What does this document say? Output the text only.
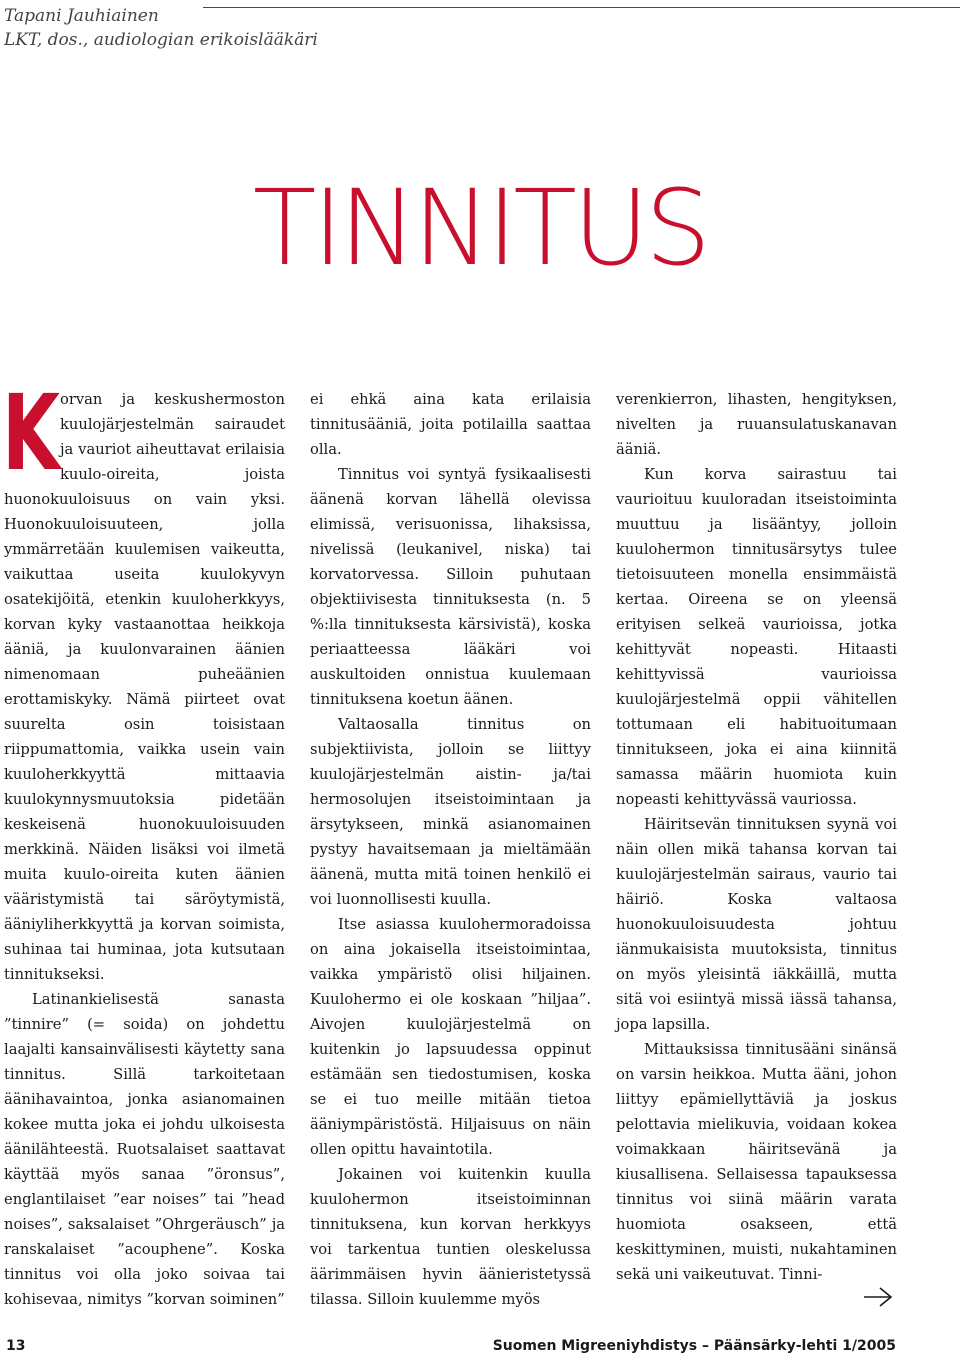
Tapani Jauhiainen
LKT, dos., audiologian erikoislääkäri
TINNITUS
K orvan ja keskushermoston kuulojärjestelmän sairaudet ja vauriot aiheuttavat erilaisia kuulo-oireita, joista huonokuuloisuus on vain yksi. Huonokuuloisuuteen, jolla ymmärretään kuulemisen vaikeutta, vaikuttaa useita kuulokyvyn osatekijöitä, etenkin kuuloherkkyys, korvan kyky vastaanottaa heikkoja ääniä, ja kuulonvarainen äänien nimenomaan puheäänien erottamiskyky. Nämä piirteet ovat suurelta osin toisistaan riippumattomia, vaikka usein vain kuuloherkkyyttä mittaavia kuulokynnysmuutoksia pidetään keskeisenä huonokuuloisuuden merkkinä. Näiden lisäksi voi ilmetä muita kuulo-oireita kuten äänien vääristymistä tai säröytymistä, ääniyliherkkyyttä ja korvan soimista, suhinaa tai huminaa, jota kutsutaan tinnitukseksi.

Latinankielisestä sanasta ”tinnire” (= soida) on johdettu laajalti kansainvälisesti käytetty sana tinnitus. Sillä tarkoitetaan äänihavaintoa, jonka asianomainen kokee mutta joka ei johdu ulkoisesta äänilähteestä. Ruotsalaiset saattavat käyttää myös sanaa ”öronsus”, englantilaiset ”ear noises” tai ”head noises”, saksalaiset ”Ohrgeräusch” ja ranskalaiset ”acouphene”. Koska tinnitus voi olla joko soivaa tai kohisevaa, nimitys ”korvan soiminen”

ei ehkä aina kata erilaisia tinnitusääniä, joita potilailla saattaa olla.

Tinnitus voi syntyä fysikaalisesti äänenä korvan lähellä olevissa elimissä, verisuonissa, lihaksissa, nivelissä (leukanivel, niska) tai korvatorvessa. Silloin puhutaan objektiivisesta tinnituksesta (n. 5 %:lla tinnituksesta kärsivistä), koska periaatteessa lääkäri voi auskultoiden onnistua kuulemaan tinnituksena koetun äänen.

Valtaosalla tinnitus on subjektiivista, jolloin se liittyy kuulojärjestelmän aistin- ja/tai hermosolujen itseistoimintaan ja ärsytykseen, minkä asianomainen pystyy havaitsemaan ja mieltämään äänenä, mutta mitä toinen henkilö ei voi luonnollisesti kuulla.

Itse asiassa kuulohermoradoissa on aina jokaisella itseistoimintaa, vaikka ympäristö olisi hiljainen. Kuulohermo ei ole koskaan ”hiljaa”. Aivojen kuulojärjestelmä on kuitenkin jo lapsuudessa oppinut estämään sen tiedostumisen, koska se ei tuo meille mitään tietoa ääniympäristöstä. Hiljaisuus on näin ollen opittu havaintotila.

Jokainen voi kuitenkin kuulla kuulohermon itseistoiminnan tinnituksena, kun korvan herkkyys voi tarkentua tuntien oleskelussa äärimmäisen hyvin äänieristetyssä tilassa. Silloin kuulemme myös

verenkierron, lihasten, hengityksen, nivelten ja ruuansulatuskanavan ääniä.

Kun korva sairastuu tai vaurioituu kuuloradan itseistoiminta muuttuu ja lisääntyy, jolloin kuulohermon tinnitusärsytys tulee tietoisuuteen monella ensimmäistä kertaa. Oireena se on yleensä erityisen selkeä vaurioissa, jotka kehittyvät nopeasti. Hitaasti kehittyvissä vaurioissa kuulojärjestelmä oppii vähitellen tottumaan eli habituoitumaan tinnitukseen, joka ei aina kiinnitä samassa määrin huomiota kuin nopeasti kehittyvässä vauriossa.

Häiritsevän tinnituksen syynä voi näin ollen mikä tahansa korvan tai kuulojärjestelmän sairaus, vaurio tai häiriö. Koska valtaosa huonokuuloisuudesta johtuu iänmukaisista muutoksista, tinnitus on myös yleisintä iäkkäillä, mutta sitä voi esiintyä missä iässä tahansa, jopa lapsilla.

Mittauksissa tinnitusääni sinänsä on varsin heikkoa. Mutta ääni, johon liittyy epämiellyttäviä ja joskus pelottavia mielikuvia, voidaan kokea voimakkaan häiritsevänä ja kiusallisena. Sellaisessa tapauksessa tinnitus voi siinä määrin varata huomiota osakseen, että keskittyminen, muisti, nukahtaminen sekä uni vaikeutuvat. Tinni-

13	Suomen Migreeniyhdistys – Päänsärky-lehti 1/2005
